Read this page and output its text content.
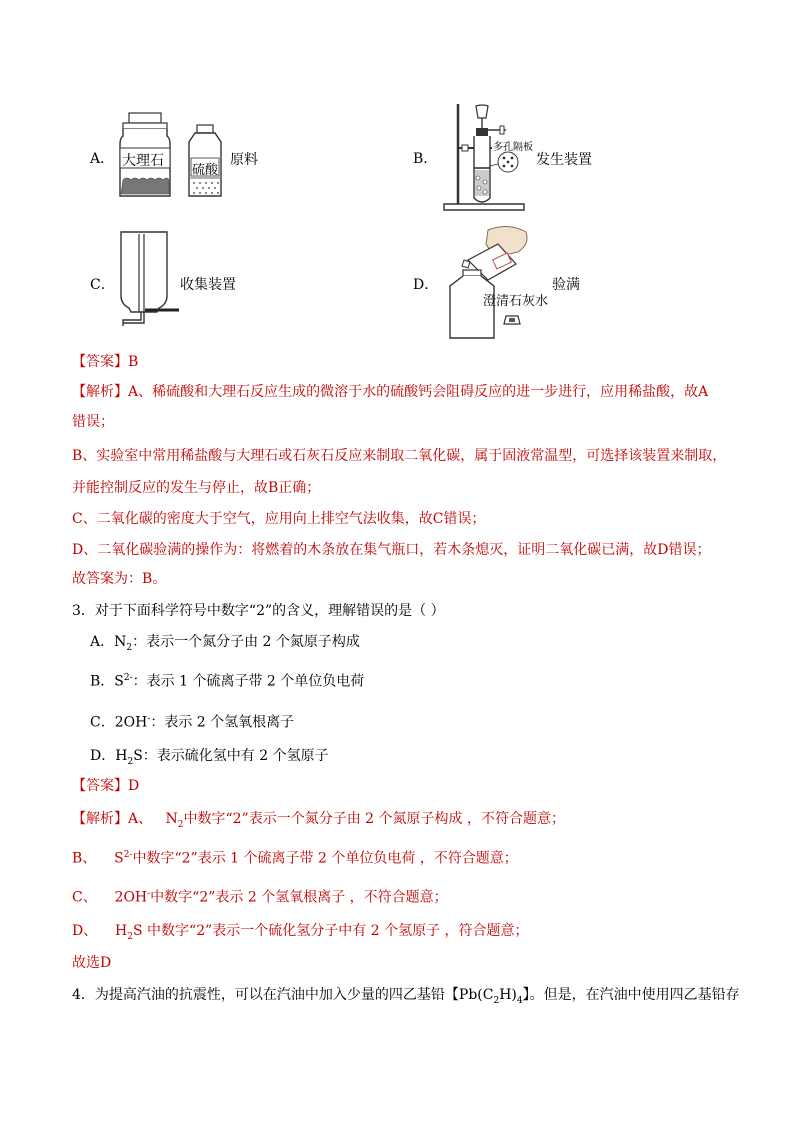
A． 大理石
硫酸
原料	B．
多孔隔板
发生装置
C．	收集装置	D．
澄清石灰水
验满
【答案】B
【解析】A、稀硫酸和大理石反应生成的微溶于水的硫酸钙会阻碍反应的进一步进行，应用稀盐酸，故A
错误；
B、实验室中常用稀盐酸与大理石或石灰石反应来制取二氧化碳，属于固液常温型，可选择该装置来制取，
并能控制反应的发生与停止，故B正确；
C、二氧化碳的密度大于空气，应用向上排空气法收集，故C错误；
D、二氧化碳验满的操作为：将燃着的木条放在集气瓶口，若木条熄灭，证明二氧化碳已满，故D错误；
故答案为：B。
3．对于下面科学符号中数字“2”的含义，理解错误的是（ ）
A．$N_2$：表示一个氮分子由 2 个氮原子构成
B．$S^{2-}$：表示 1 个硫离子带 2 个单位负电荷
C．2OH-：表示 2 个氢氧根离子
D．$H_2S$：表示硫化氢中有 2 个氢原子
【答案】D
【解析】A、 $N_2$中数字“2”表示一个氮分子由 2 个氮原子构成 ，不符合题意；
B、 $S^{2-}$中数字“2”表示 1 个硫离子带 2 个单位负电荷 ，不符合题意；
C、 2OH-中数字“2”表示 2 个氢氧根离子 ，不符合题意；
D、 $H_2S$ 中数字“2”表示一个硫化氢分子中有 2 个氢原子 ，符合题意；
故选D
4．为提高汽油的抗震性，可以在汽油中加入少量的四乙基铅【$Pb(C_2H)_4$】。但是，在汽油中使用四乙基铅存
